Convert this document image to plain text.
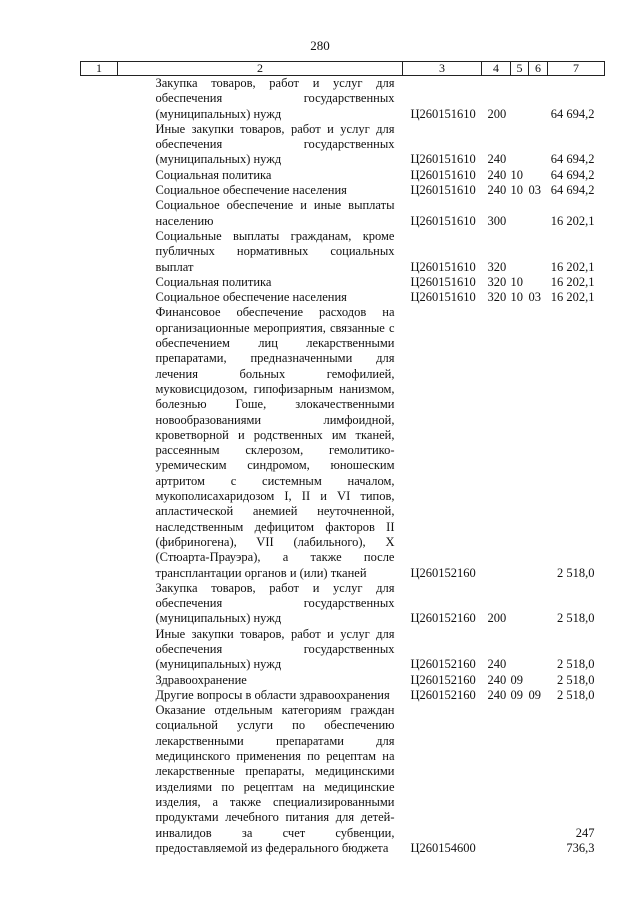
280
1	2	3	4	5	6	7
	Закупка товаров, работ и услуг для обеспечения государственных (муниципальных) нужд	Ц260151610	200			64 694,2
	Иные закупки товаров, работ и услуг для обеспечения государственных (муниципальных) нужд	Ц260151610	240			64 694,2
	Социальная политика	Ц260151610	240	10		64 694,2
	Социальное обеспечение населения	Ц260151610	240	10	03	64 694,2
	Социальное обеспечение и иные выплаты населению	Ц260151610	300			16 202,1
	Социальные выплаты гражданам, кроме публичных нормативных социальных выплат	Ц260151610	320			16 202,1
	Социальная политика	Ц260151610	320	10		16 202,1
	Социальное обеспечение населения	Ц260151610	320	10	03	16 202,1
	Финансовое обеспечение расходов на организационные мероприятия, связанные с обеспечением лиц лекарственными препаратами, предназначенными для лечения больных гемофилией, муковисцидозом, гипофизарным нанизмом, болезнью Гоше, злокачественными новообразованиями лимфоидной, кроветворной и родственных им тканей, рассеянным склерозом, гемолитико-уремическим синдромом, юношеским артритом с системным началом, мукополисахаридозом I, II и VI типов, апластической анемией неуточненной, наследственным дефицитом факторов II (фибриногена), VII (лабильного), X (Стюарта-Прауэра), а также после трансплантации органов и (или) тканей	Ц260152160				2 518,0
	Закупка товаров, работ и услуг для обеспечения государственных (муниципальных) нужд	Ц260152160	200			2 518,0
	Иные закупки товаров, работ и услуг для обеспечения государственных (муниципальных) нужд	Ц260152160	240			2 518,0
	Здравоохранение	Ц260152160	240	09		2 518,0
	Другие вопросы в области здравоохранения	Ц260152160	240	09	09	2 518,0
	Оказание отдельным категориям граждан социальной услуги по обеспечению лекарственными препаратами для медицинского применения по рецептам на лекарственные препараты, медицинскими изделиями по рецептам на медицинские изделия, а также специализированными продуктами лечебного питания для детей-инвалидов за счет субвенции, предоставляемой из федерального бюджета	Ц260154600				247 736,3
